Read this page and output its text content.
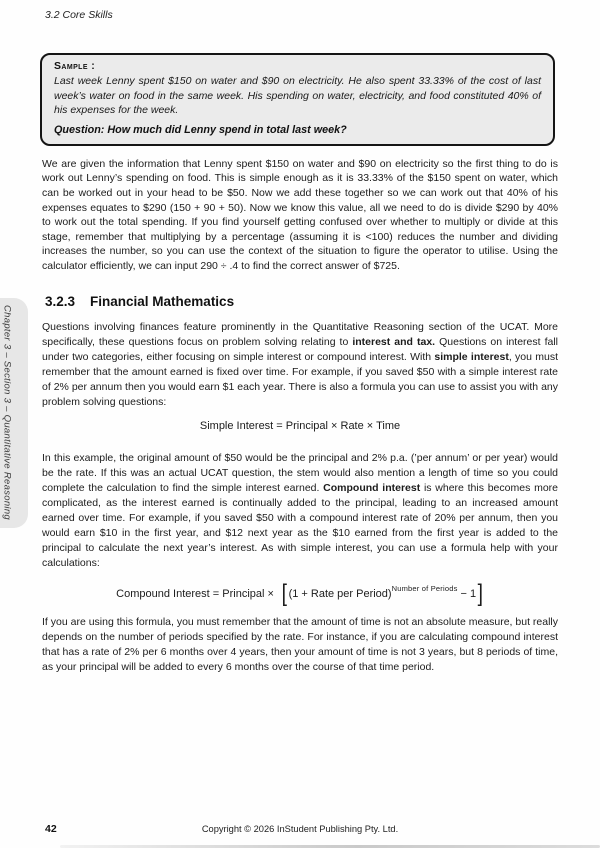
3.2 Core Skills
Chapter 3 – Section 3 – Quantitative Reasoning
Sample :
Last week Lenny spent $150 on water and $90 on electricity. He also spent 33.33% of the cost of last week’s water on food in the same week. His spending on water, electricity, and food constituted 40% of his expenses for the week.
Question: How much did Lenny spend in total last week?

We are given the information that Lenny spent $150 on water and $90 on electricity so the first thing to do is work out Lenny’s spending on food. This is simple enough as it is 33.33% of the $150 spent on water, which can be worked out in your head to be $50. Now we add these together so we can work out that 40% of his expenses equates to $290 (150 + 90 + 50). Now we know this value, all we need to do is divide $290 by 40% to work out the total spending. If you find yourself getting confused over whether to multiply or divide at this stage, remember that multiplying by a percentage (assuming it is <100) reduces the number and dividing increases the number, so you can use the context of the situation to figure the operator to utilise. Using the calculator efficiently, we can input 290 ÷ .4 to find the correct answer of $725.

3.2.3 Financial Mathematics

Questions involving finances feature prominently in the Quantitative Reasoning section of the UCAT. More specifically, these questions focus on problem solving relating to interest and tax. Questions on interest fall under two categories, either focusing on simple interest or compound interest. With simple interest, you must remember that the amount earned is fixed over time. For example, if you saved $50 with a simple interest rate of 2% per annum then you would earn $1 each year. There is also a formula you can use to assist you with any problem solving questions:

Simple Interest = Principal × Rate × Time

In this example, the original amount of $50 would be the principal and 2% p.a. (’per annum’ or per year) would be the rate. If this was an actual UCAT question, the stem would also mention a length of time so you could complete the calculation to find the simple interest earned. Compound interest is where this becomes more complicated, as the interest earned is continually added to the principal, leading to an increased amount earned over time. For example, if you saved $50 with a compound interest rate of 20% per annum, then you would earn $10 in the first year, and $12 next year as the $10 earned from the first year is added to the principal to calculate the next year’s interest. As with simple interest, you can use a formula help with your calculations:

Compound Interest = Principal × [ (1 + Rate per Period)$^{Number of Periods}$ − 1]

If you are using this formula, you must remember that the amount of time is not an absolute measure, but really depends on the number of periods specified by the rate. For instance, if you are calculating compound interest that has a rate of 2% per 6 months over 4 years, then your amount of time is not 3 years, but 8 periods of time, as your principal will be added to every 6 months over the course of that time period.

42	Copyright © 2026 InStudent Publishing Pty. Ltd.
